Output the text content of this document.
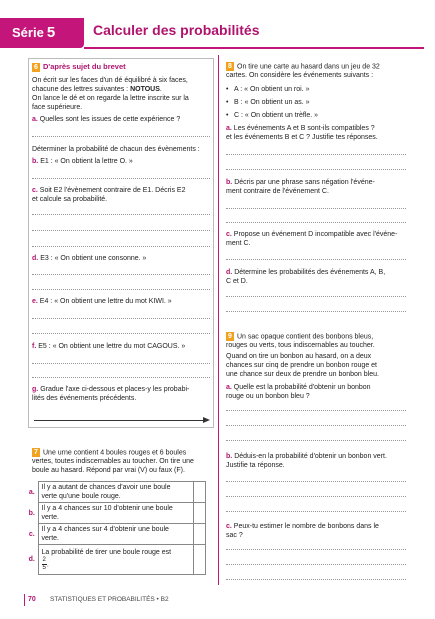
Série 5	Calculer des probabilités
6 D'après sujet du brevet
On écrit sur les faces d'un dé équilibré à six faces,
chacune des lettres suivantes : NOTOUS.
On lance le dé et on regarde la lettre inscrite sur la
face supérieure.
a. Quelles sont les issues de cette expérience ?
Déterminer la probabilité de chacun des évènements :
b. E1 : « On obtient la lettre O. »
c. Soit E2 l'évènement contraire de E1. Décris E2
et calcule sa probabilité.
d. E3 : « On obtient une consonne. »
e. E4 : « On obtient une lettre du mot KIWI. »
f. E5 : « On obtient une lettre du mot CAGOUS. »
g. Gradue l'axe ci-dessous et places-y les probabi-
lités des événements précédents.
7 Une urne contient 4 boules rouges et 6 boules
vertes, toutes indiscernables au toucher. On tire une
boule au hasard. Répond par vrai (V) ou faux (F).
a.	Il y a autant de chances d'avoir une boule
verte qu'une boule rouge.	
b.	Il y a 4 chances sur 10 d'obtenir une boule
verte.	
c.	Il y a 4 chances sur 4 d'obtenir une boule
verte.	
d.	La probabilité de tirer une boule rouge est

$\frac{2}{5}$ .	
8 On tire une carte au hasard dans un jeu de 32
cartes. On considère les événements suivants :
• A : « On obtient un roi. »
• B : « On obtient un as. »
• C : « On obtient un trèfle. »
a. Les événements A et B sont-ils compatibles ?
et les événements B et C ? Justifie tes réponses.
b. Décris par une phrase sans négation l'événe-
ment contraire de l'événement C.
c. Propose un événement D incompatible avec l'événe-
ment C.
d. Détermine les probabilités des événements A, B,
C et D.
9 Un sac opaque contient des bonbons bleus,
rouges ou verts, tous indiscernables au toucher.
Quand on tire un bonbon au hasard, on a deux
chances sur cinq de prendre un bonbon rouge et
une chance sur deux de prendre un bonbon bleu.
a. Quelle est la probabilité d'obtenir un bonbon
rouge ou un bonbon bleu ?
b. Déduis-en la probabilité d'obtenir un bonbon vert.
Justifie ta réponse.
c. Peux-tu estimer le nombre de bonbons dans le
sac ?
70 STATISTIQUES ET PROBABILITÉS • B2
